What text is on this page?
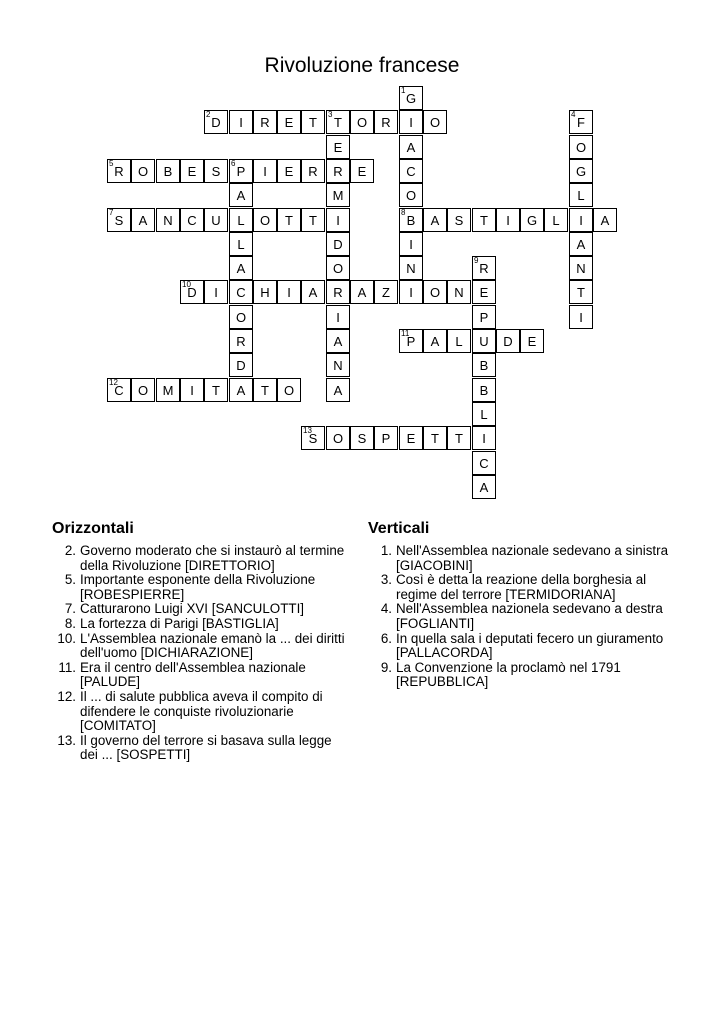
Rivoluzione francese
2
D	I	R	E	T
3
T	O	R	I	O
5
R	O	B	E	S
6
P	I	E	R	R	E
7
S	A	N	C	U	L	O	T	T	I
8
B	A	S	T	I	G	L	I	A
10
D	I	C	H	I	A	R	A	Z	I	O	N	E
11
P	A	L	U	D	E
12
C	O	M	I	T	A	T	O
13
S	O	S	P	E	T	T	I
1
G
A
C
O
I
N
E
M
D
O
I
A
N
A
4
F
O
G
L
A
N
T
I
A
L
A
O
R
D
9
R
P
B
B
L
C
A
Orizzontali
2. Governo moderato che si instaurò al termine della Rivoluzione [DIRETTORIO]
5. Importante esponente della Rivoluzione [ROBESPIERRE]
7. Catturarono Luigi XVI [SANCULOTTI]
8. La fortezza di Parigi [BASTIGLIA]
10. L'Assemblea nazionale emanò la ... dei diritti dell'uomo [DICHIARAZIONE]
11. Era il centro dell'Assemblea nazionale [PALUDE]
12. Il ... di salute pubblica aveva il compito di difendere le conquiste rivoluzionarie [COMITATO]
13. Il governo del terrore si basava sulla legge dei ... [SOSPETTI]
Verticali
1. Nell'Assemblea nazionale sedevano a sinistra [GIACOBINI]
3. Così è detta la reazione della borghesia al regime del terrore [TERMIDORIANA]
4. Nell'Assemblea nazionela sedevano a destra [FOGLIANTI]
6. In quella sala i deputati fecero un giuramento [PALLACORDA]
9. La Convenzione la proclamò nel 1791 [REPUBBLICA]
